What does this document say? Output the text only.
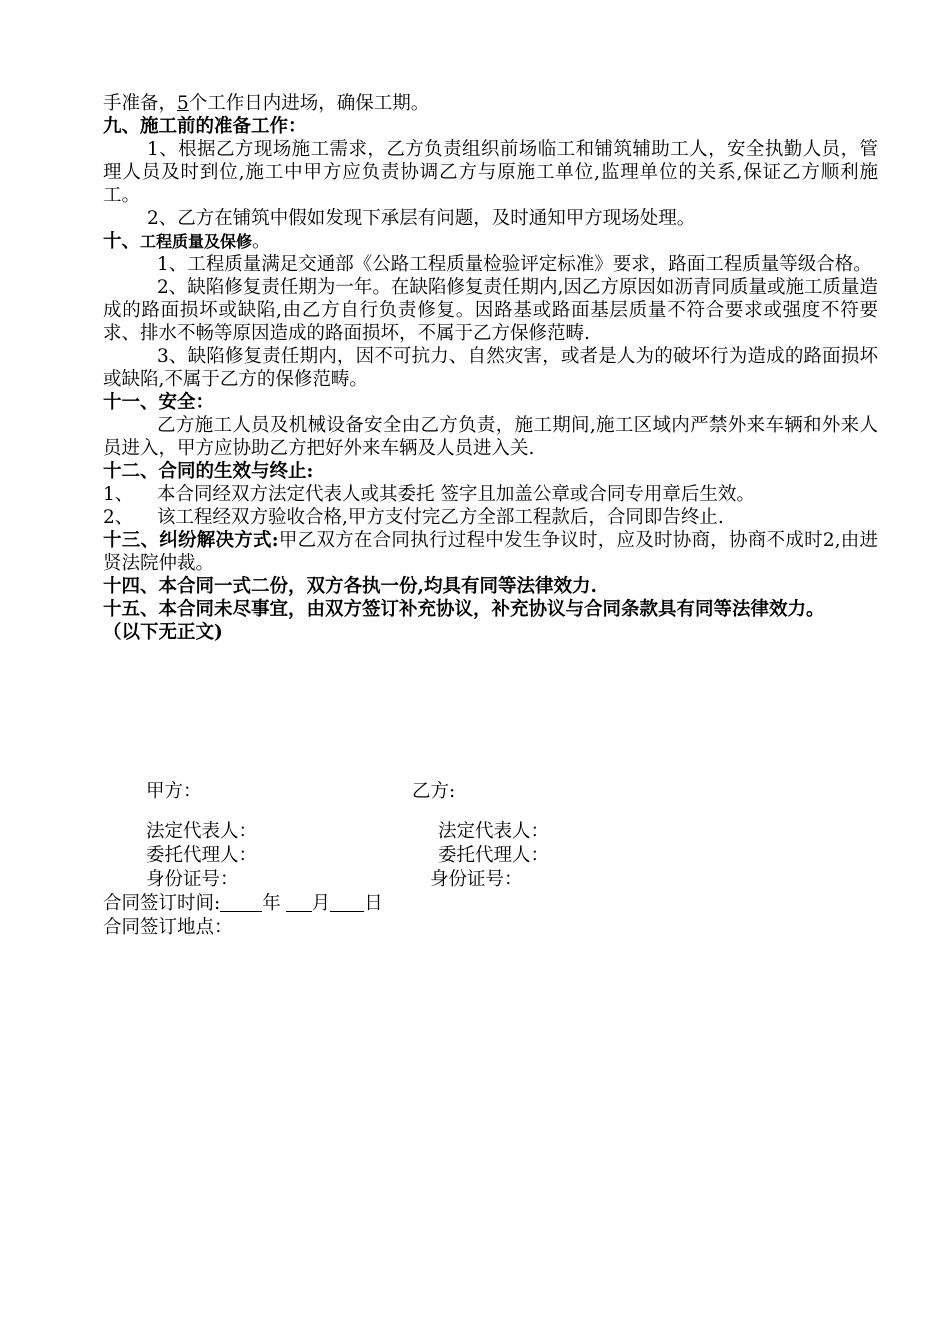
手准备，5个工作日内进场，确保工期。

九、施工前的准备工作：

1、根据乙方现场施工需求，乙方负责组织前场临工和铺筑辅助工人，安全执勤人员，管理人员及时到位,施工中甲方应负责协调乙方与原施工单位,监理单位的关系,保证乙方顺利施工。

2、乙方在铺筑中假如发现下承层有问题，及时通知甲方现场处理。

十、工程质量及保修。

1、工程质量满足交通部《公路工程质量检验评定标准》要求，路面工程质量等级合格。

2、缺陷修复责任期为一年。在缺陷修复责任期内,因乙方原因如沥青同质量或施工质量造成的路面损坏或缺陷,由乙方自行负责修复。因路基或路面基层质量不符合要求或强度不符要求、排水不畅等原因造成的路面损坏，不属于乙方保修范畴.

3、缺陷修复责任期内，因不可抗力、自然灾害，或者是人为的破坏行为造成的路面损坏或缺陷,不属于乙方的保修范畴。

十一、安全：

乙方施工人员及机械设备安全由乙方负责，施工期间,施工区域内严禁外来车辆和外来人员进入，甲方应协助乙方把好外来车辆及人员进入关.

十二、合同的生效与终止:

1、 本合同经双方法定代表人或其委托 签字且加盖公章或合同专用章后生效。

2、 该工程经双方验收合格,甲方支付完乙方全部工程款后，合同即告终止.

十三、纠纷解决方式:甲乙双方在合同执行过程中发生争议时，应及时协商，协商不成时2,由进贤法院仲裁。

十四、本合同一式二份，双方各执一份,均具有同等法律效力.

十五、本合同未尽事宜，由双方签订补充协议，补充协议与合同条款具有同等法律效力。

（以下无正文)

甲方：	乙方:
法定代表人：	法定代表人：
委托代理人：	委托代理人：
身份证号：	身份证号：
合同签订时间: 年 月 日
合同签订地点：
